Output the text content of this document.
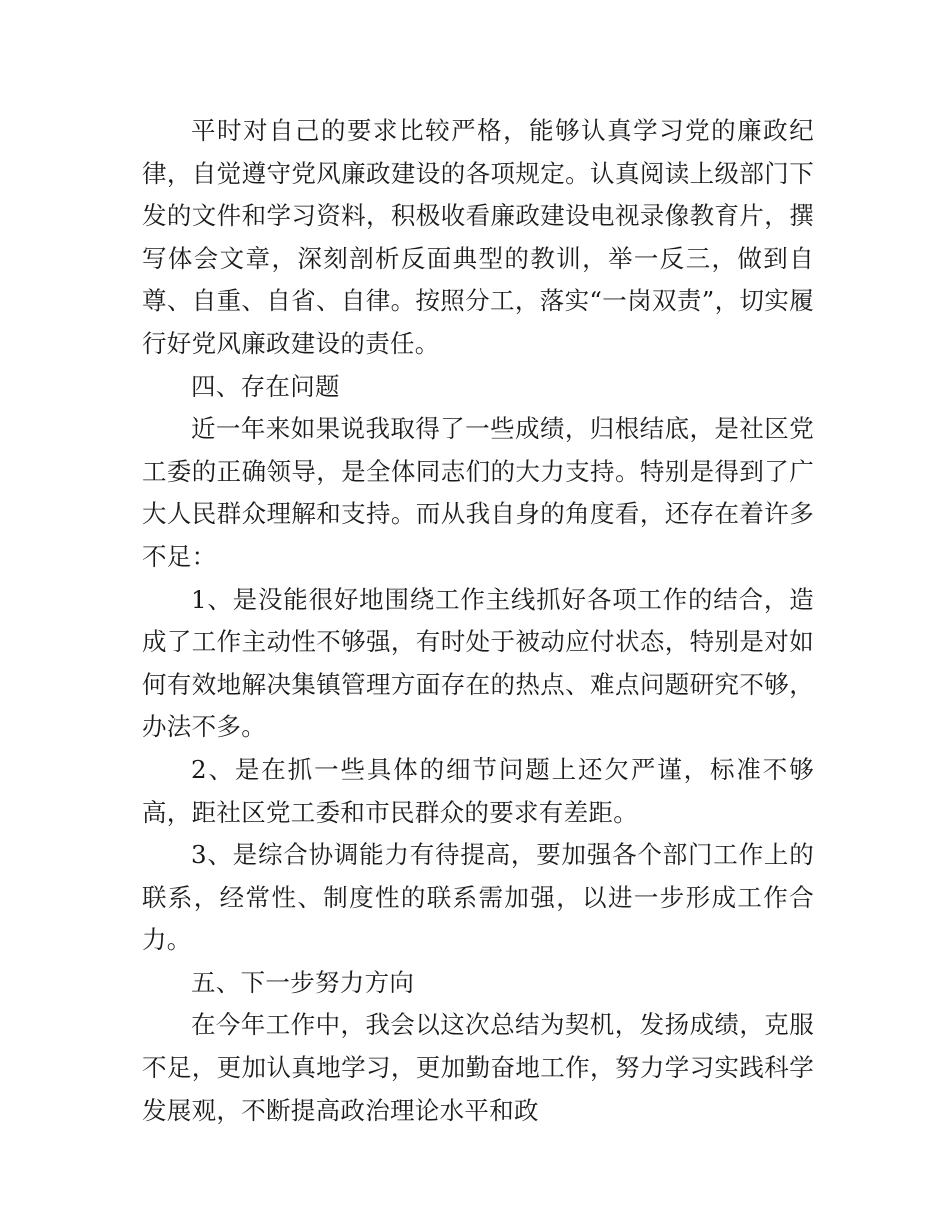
平时对自己的要求比较严格，能够认真学习党的廉政纪律，自觉遵守党风廉政建设的各项规定。认真阅读上级部门下发的文件和学习资料，积极收看廉政建设电视录像教育片，撰写体会文章，深刻剖析反面典型的教训，举一反三，做到自尊、自重、自省、自律。按照分工，落实“一岗双责”，切实履行好党风廉政建设的责任。

四、存在问题

近一年来如果说我取得了一些成绩，归根结底，是社区党工委的正确领导，是全体同志们的大力支持。特别是得到了广大人民群众理解和支持。而从我自身的角度看，还存在着许多不足：

1、是没能很好地围绕工作主线抓好各项工作的结合，造成了工作主动性不够强，有时处于被动应付状态，特别是对如何有效地解决集镇管理方面存在的热点、难点问题研究不够，办法不多。

2、是在抓一些具体的细节问题上还欠严谨，标准不够高，距社区党工委和市民群众的要求有差距。

3、是综合协调能力有待提高，要加强各个部门工作上的联系，经常性、制度性的联系需加强，以进一步形成工作合力。

五、下一步努力方向

在今年工作中，我会以这次总结为契机，发扬成绩，克服不足，更加认真地学习，更加勤奋地工作，努力学习实践科学发展观，不断提高政治理论水平和政
